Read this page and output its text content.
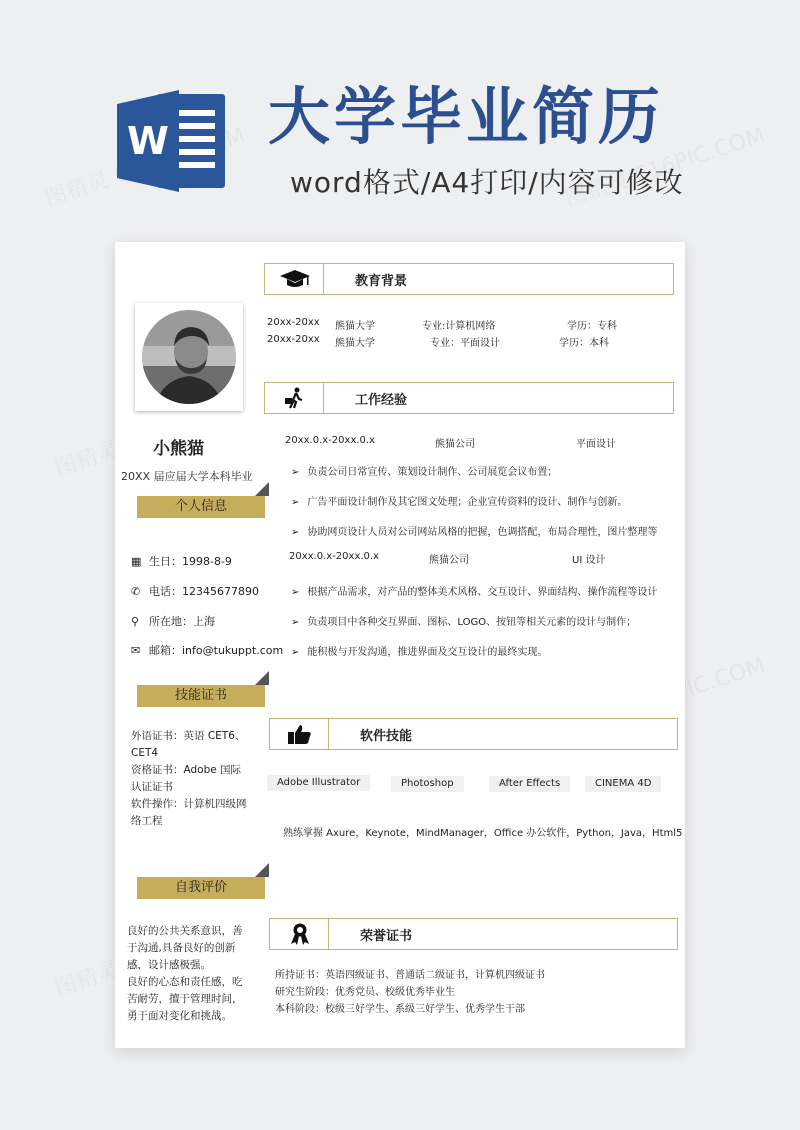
W 大学毕业简历
word格式/A4打印/内容可修改
小熊猫
20XX 届应届大学本科毕业
个人信息
▦ 生日：1998-8-9
✆ 电话：12345677890
⚲ 所在地：上海
✉ 邮箱：info@tukuppt.com
技能证书
外语证书：英语 CET6、
CET4
资格证书：Adobe 国际
认证证书
软件操作：计算机四级网
络工程
自我评价
良好的公共关系意识，善
于沟通,具备良好的创新
感，设计感极强。
良好的心态和责任感，吃
苦耐劳，擅于管理时间，
勇于面对变化和挑战。
教育背景
20xx-20xx 熊猫大学	专业:计算机网络	学历：专科
20xx-20xx 熊猫大学	专业：平面设计	学历：本科
工作经验
20xx.0.x-20xx.0.x	熊猫公司	平面设计
➢ 负责公司日常宣传、策划设计制作、公司展览会议布置；
➢ 广告平面设计制作及其它图文处理；企业宣传资料的设计、制作与创新。
➢ 协助网页设计人员对公司网站风格的把握，色调搭配，布局合理性，图片整理等
20xx.0.x-20xx.0.x	熊猫公司	UI 设计
➢ 根据产品需求，对产品的整体美术风格、交互设计、界面结构、操作流程等设计
➢ 负责项目中各种交互界面、图标、LOGO、按钮等相关元素的设计与制作；
➢ 能积极与开发沟通，推进界面及交互设计的最终实现。
软件技能
Adobe Illustrator	Photoshop	After Effects	CINEMA 4D
熟练掌握 Axure，Keynote，MindManager，Office 办公软件，Python，Java，Html5
荣誉证书
所持证书：英语四级证书、普通话二级证书，计算机四级证书
研究生阶段：优秀党员、校级优秀毕业生
本科阶段：校级三好学生、系级三好学生、优秀学生干部
